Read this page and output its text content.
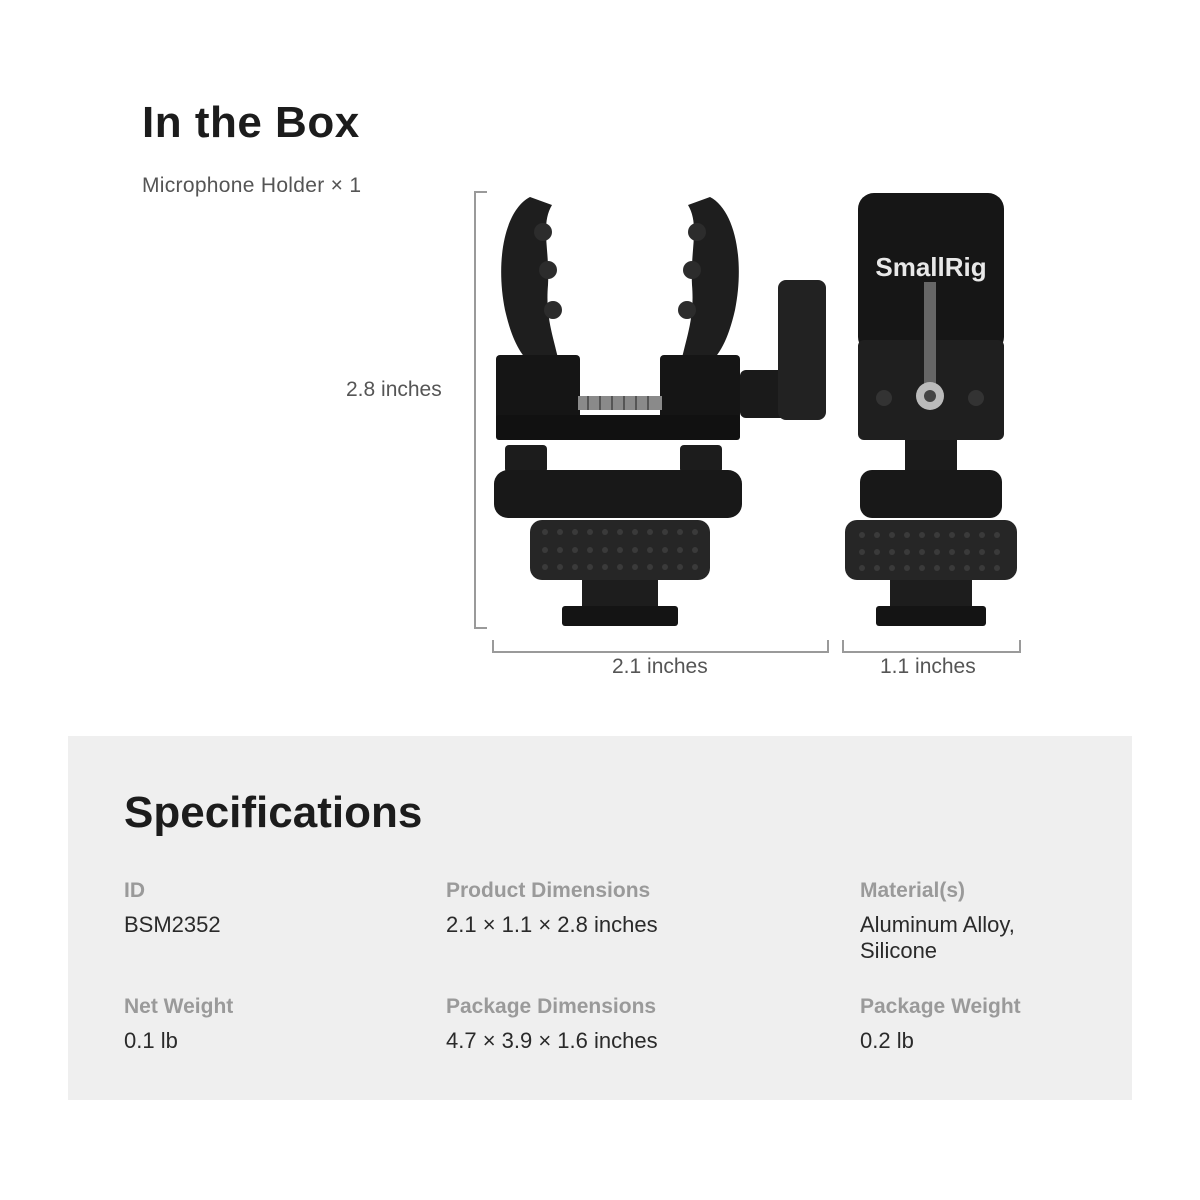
In the Box
Microphone Holder × 1
SmallRig
2.8 inches
2.1 inches	1.1 inches
Specifications
ID
BSM2352
Product Dimensions
2.1 × 1.1 × 2.8 inches
Material(s)
Aluminum Alloy,
Silicone
Net Weight
0.1 lb
Package Dimensions
4.7 × 3.9 × 1.6 inches
Package Weight
0.2 lb
